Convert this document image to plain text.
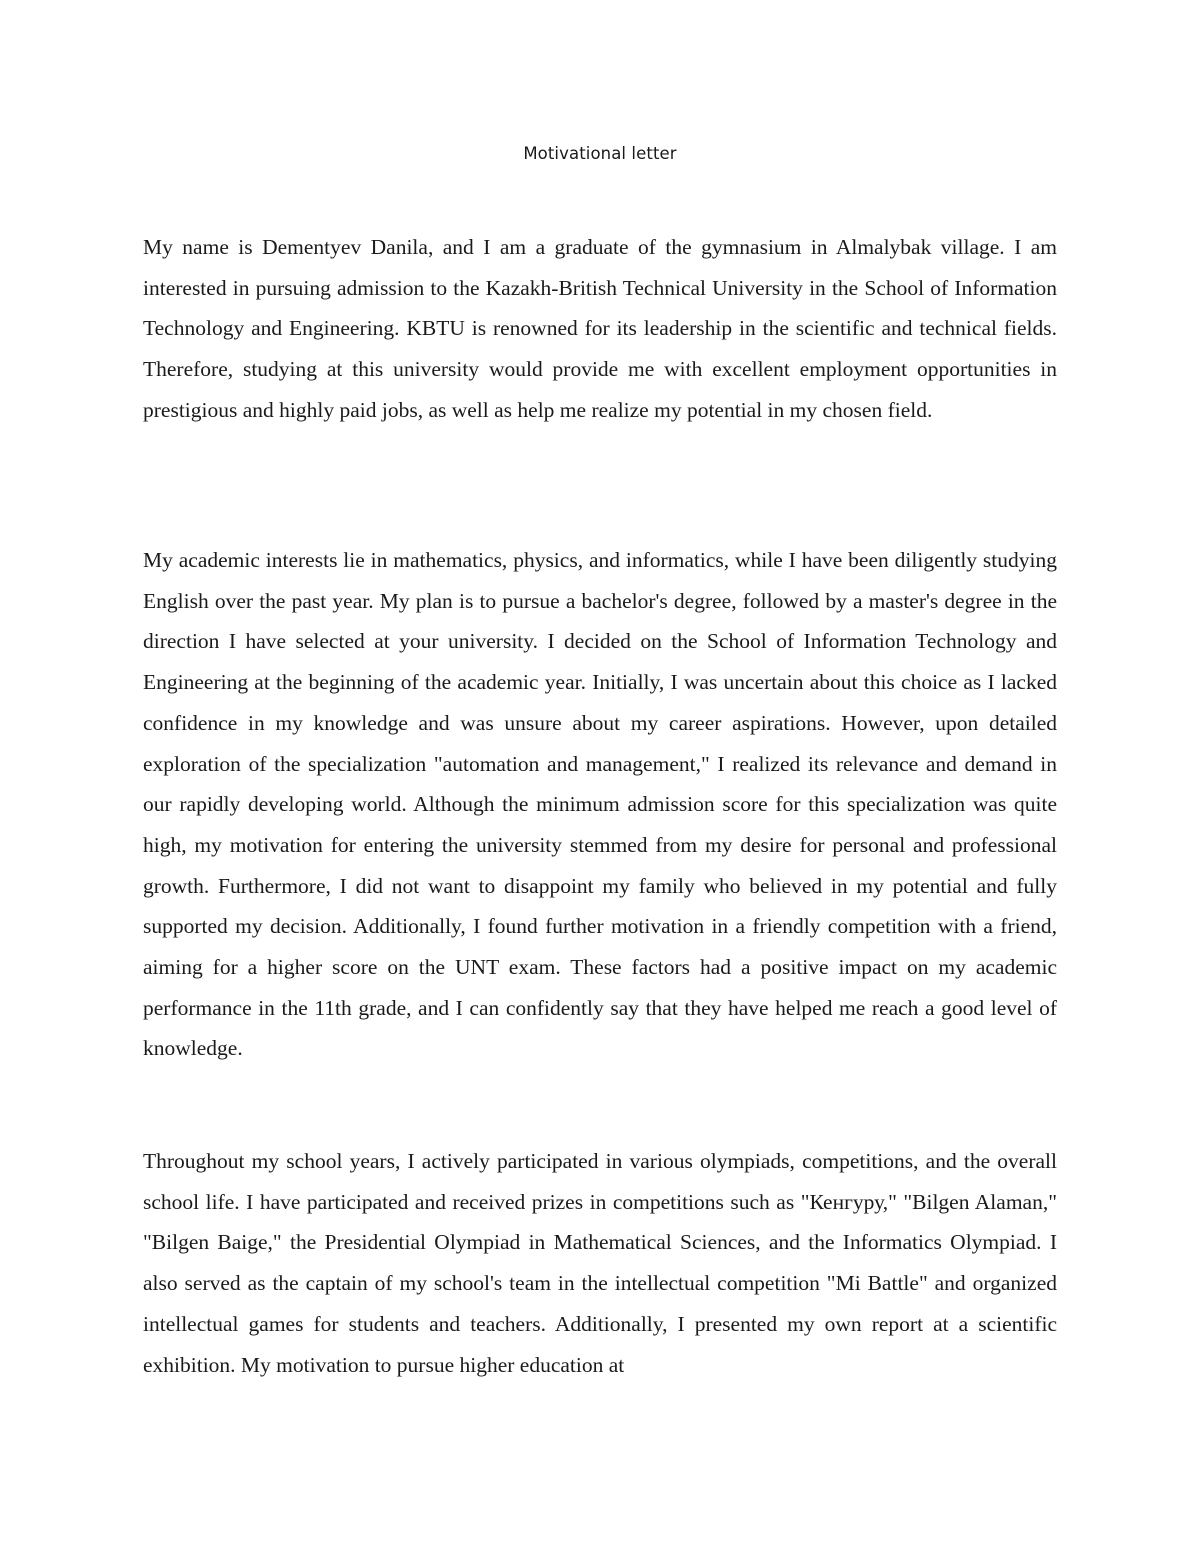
Motivational letter

My name is Dementyev Danila, and I am a graduate of the gymnasium in Almalybak village. I am interested in pursuing admission to the Kazakh-British Technical University in the School of Information Technology and Engineering. KBTU is renowned for its leadership in the scientific and technical fields. Therefore, studying at this university would provide me with excellent employment opportunities in prestigious and highly paid jobs, as well as help me realize my potential in my chosen field.

My academic interests lie in mathematics, physics, and informatics, while I have been diligently studying English over the past year. My plan is to pursue a bachelor's degree, followed by a master's degree in the direction I have selected at your university. I decided on the School of Information Technology and Engineering at the beginning of the academic year. Initially, I was uncertain about this choice as I lacked confidence in my knowledge and was unsure about my career aspirations. However, upon detailed exploration of the specialization "automation and management," I realized its relevance and demand in our rapidly developing world. Although the minimum admission score for this specialization was quite high, my motivation for entering the university stemmed from my desire for personal and professional growth. Furthermore, I did not want to disappoint my family who believed in my potential and fully supported my decision. Additionally, I found further motivation in a friendly competition with a friend, aiming for a higher score on the UNT exam. These factors had a positive impact on my academic performance in the 11th grade, and I can confidently say that they have helped me reach a good level of knowledge.

Throughout my school years, I actively participated in various olympiads, competitions, and the overall school life. I have participated and received prizes in competitions such as "Кенгуру," "Bilgen Alaman," "Bilgen Baige," the Presidential Olympiad in Mathematical Sciences, and the Informatics Olympiad. I also served as the captain of my school's team in the intellectual competition "Mi Battle" and organized intellectual games for students and teachers. Additionally, I presented my own report at a scientific exhibition. My motivation to pursue higher education at
